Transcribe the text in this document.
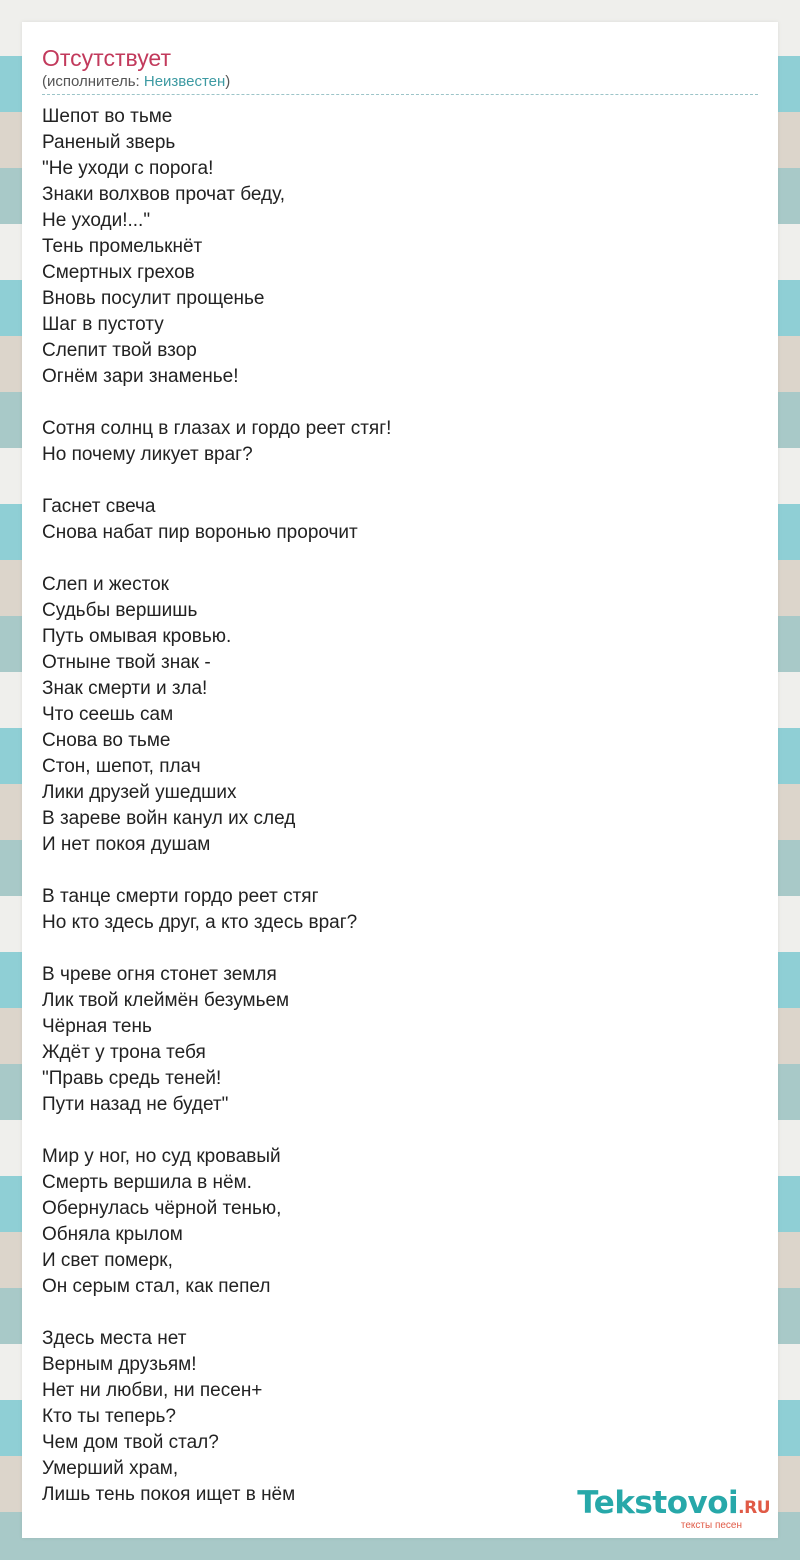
Отсутствует
(исполнитель: Неизвестен)
Шепот во тьме
Раненый зверь
"Не уходи с порога!
Знаки волхвов прочат беду,
Не уходи!..."
Тень промелькнёт
Смертных грехов
Вновь посулит прощенье
Шаг в пустоту
Слепит твой взор
Огнём зари знаменье!
Сотня солнц в глазах и гордо реет стяг!
Но почему ликует враг?
Гаснет свеча
Снова набат пир воронью пророчит
Слеп и жесток
Судьбы вершишь
Путь омывая кровью.
Отныне твой знак -
Знак смерти и зла!
Что сеешь сам
Снова во тьме
Стон, шепот, плач
Лики друзей ушедших
В зареве войн канул их след
И нет покоя душам
В танце смерти гордо реет стяг
Но кто здесь друг, а кто здесь враг?
В чреве огня стонет земля
Лик твой клеймён безумьем
Чёрная тень
Ждёт у трона тебя
"Правь средь теней!
Пути назад не будет"
Мир у ног, но суд кровавый
Смерть вершила в нём.
Обернулась чёрной тенью,
Обняла крылом
И свет померк,
Он серым стал, как пепел
Здесь места нет
Верным друзьям!
Нет ни любви, ни песен+
Кто ты теперь?
Чем дом твой стал?
Умерший храм,
Лишь тень покоя ищет в нём	Tekstovoi.RU
тексты песен
